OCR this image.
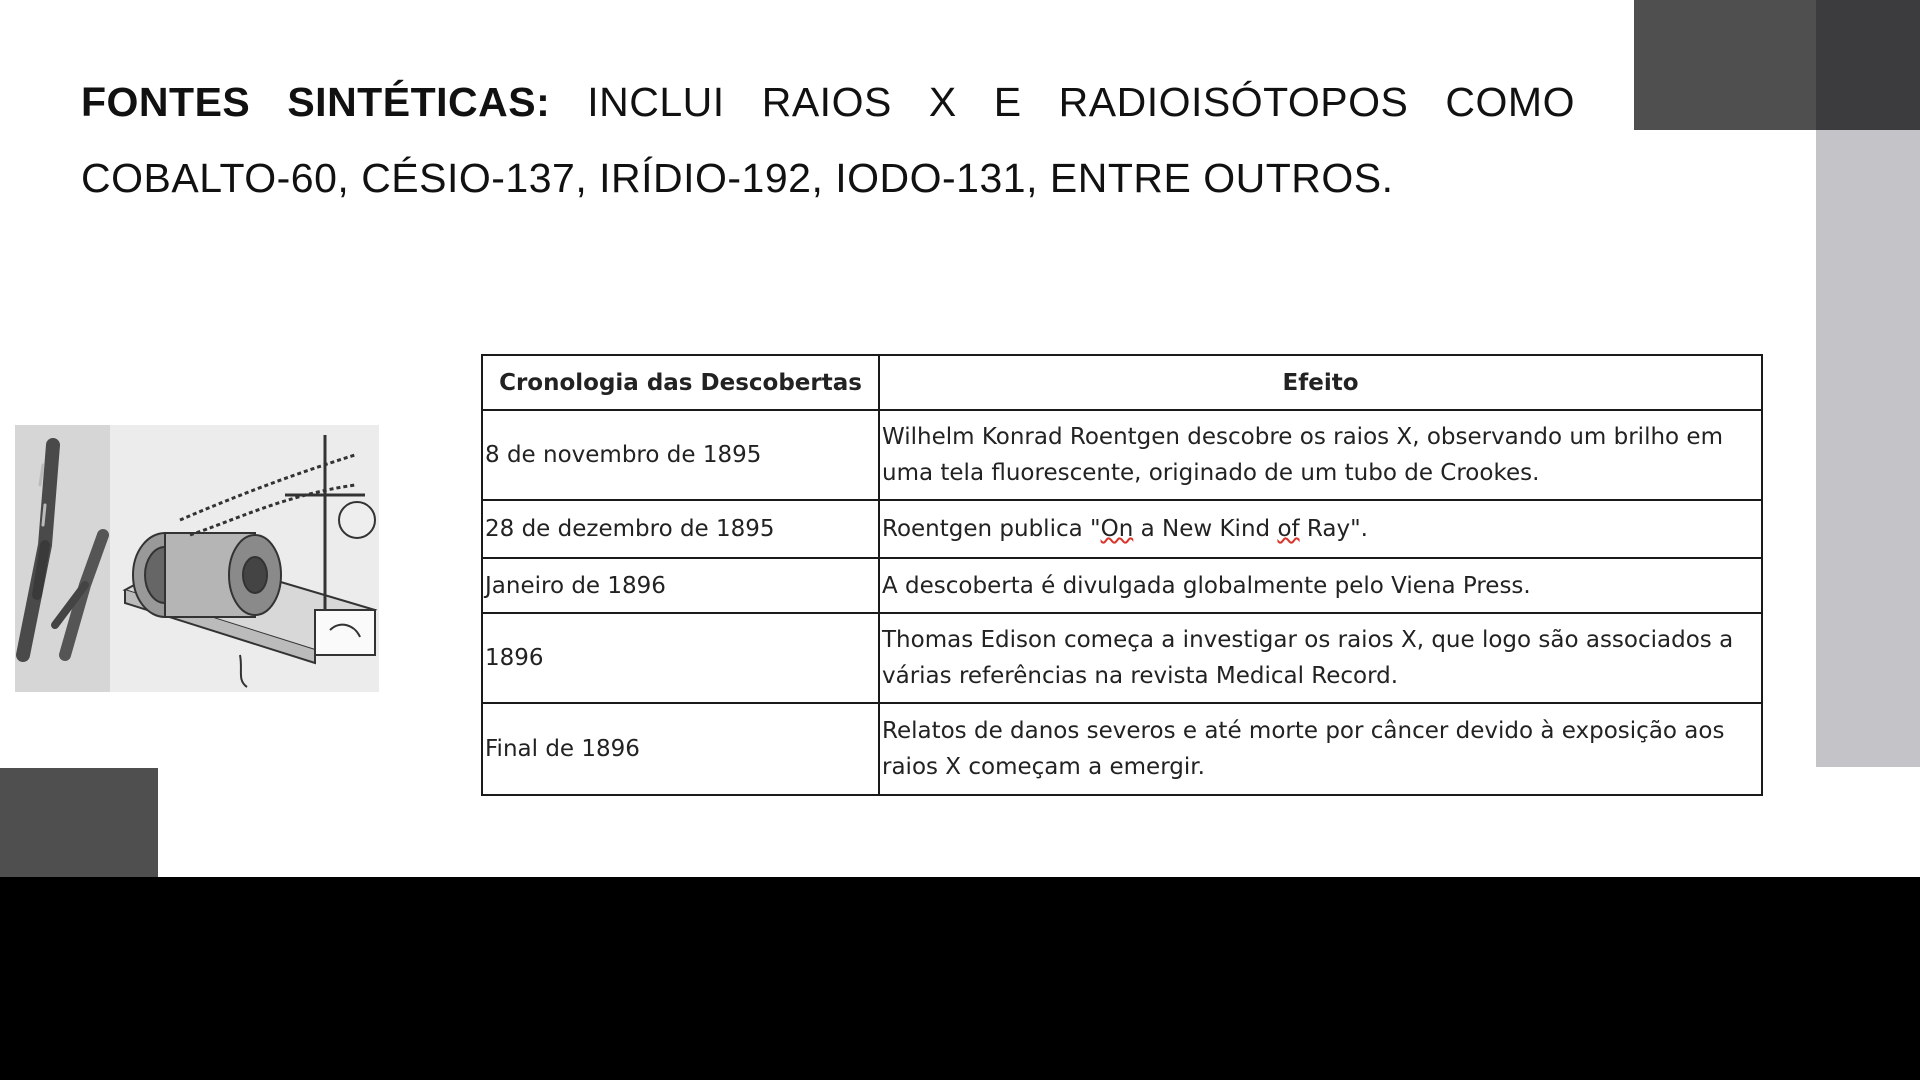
FONTES SINTÉTICAS: INCLUI RAIOS X E RADIOISÓTOPOS COMO COBALTO-60, CÉSIO-137, IRÍDIO-192, IODO-131, ENTRE OUTROS.

Cronologia das Descobertas	Efeito
8 de novembro de 1895	Wilhelm Konrad Roentgen descobre os raios X, observando um brilho em uma tela fluorescente, originado de um tubo de Crookes.
28 de dezembro de 1895	Roentgen publica "On a New Kind of Ray".
Janeiro de 1896	A descoberta é divulgada globalmente pelo Viena Press.
1896	Thomas Edison começa a investigar os raios X, que logo são associados a várias referências na revista Medical Record.
Final de 1896	Relatos de danos severos e até morte por câncer devido à exposição aos raios X começam a emergir.
